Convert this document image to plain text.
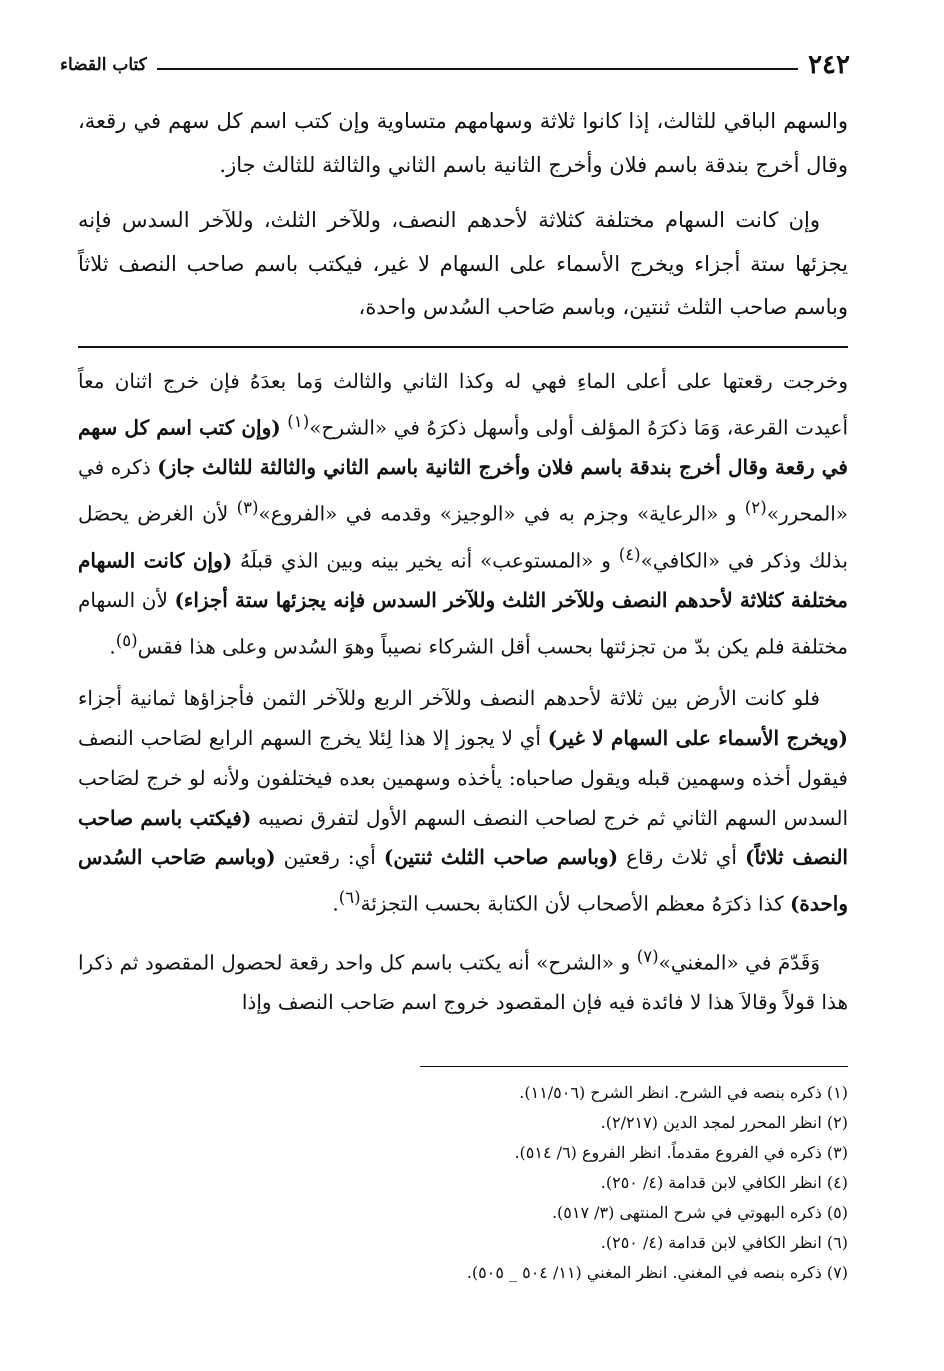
٢٤٢
كتاب القضاء

والسهم الباقي للثالث، إذا كانوا ثلاثة وسهامهم متساوية وإن كتب اسم كل سهم في رقعة، وقال أخرج بندقة باسم فلان وأخرج الثانية باسم الثاني والثالثة للثالث جاز.

وإن كانت السهام مختلفة كثلاثة لأحدهم النصف، وللآخر الثلث، وللآخر السدس فإنه يجزئها ستة أجزاء ويخرج الأسماء على السهام لا غير، فيكتب باسم صاحب النصف ثلاثاً وباسم صاحب الثلث ثنتين، وباسم صَاحب السُدس واحدة،

وخرجت رقعتها على أعلى الماءِ فهي له وكذا الثاني والثالث وَما بعدَهُ فإن خرج اثنان معاً أعيدت القرعة، وَمَا ذكرَهُ المؤلف أولى وأسهل ذكرَهُ في «الشرح»$^{(١)}$ (وإن كتب اسم كل سهم في رقعة وقال أخرج بندقة باسم فلان وأخرج الثانية باسم الثاني والثالثة للثالث جاز) ذكره في «المحرر»$^{(٢)}$ و «الرعاية» وجزم به في «الوجيز» وقدمه في «الفروع»$^{(٣)}$ لأن الغرض يحصَل بذلك وذكر في «الكافي»$^{(٤)}$ و «المستوعب» أنه يخير بينه وبين الذي قبلَهُ (وإن كانت السهام مختلفة كثلاثة لأحدهم النصف وللآخر الثلث وللآخر السدس فإنه يجزئها ستة أجزاء) لأن السهام مختلفة فلم يكن بدّ من تجزئتها بحسب أقل الشركاء نصيباً وهوَ السُدس وعلى هذا فقس$^{(٥)}$.

فلو كانت الأرض بين ثلاثة لأحدهم النصف وللآخر الربع وللآخر الثمن فأجزاؤها ثمانية أجزاء (ويخرج الأسماء على السهام لا غير) أي لا يجوز إلا هذا لِئلا يخرج السهم الرابع لصَاحب النصف فيقول أخذه وسهمين قبله ويقول صاحباه: يأخذه وسهمين بعده فيختلفون ولأنه لو خرج لصَاحب السدس السهم الثاني ثم خرج لصاحب النصف السهم الأول لتفرق نصيبه (فيكتب باسم صاحب النصف ثلاثاً) أي ثلاث رقاع (وباسم صاحب الثلث ثنتين) أي: رقعتين (وباسم صَاحب السُدس واحدة) كذا ذكرَهُ معظم الأصحاب لأن الكتابة بحسب التجزئة$^{(٦)}$.

وَقَدّمَ في «المغني»$^{(٧)}$ و «الشرح» أنه يكتب باسم كل واحد رقعة لحصول المقصود ثم ذكرا هذا قولاً وقالاَ هذا لا فائدة فيه فإن المقصود خروج اسم صَاحب النصف وإذا

(١) ذكره بنصه في الشرح. انظر الشرح (١١/٥٠٦).
(٢) انظر المحرر لمجد الدين (٢/٢١٧).
(٣) ذكره في الفروع مقدماً. انظر الفروع (٦/ ٥١٤).
(٤) انظر الكافي لابن قدامة (٤/ ٢٥٠).
(٥) ذكره البهوتي في شرح المنتهى (٣/ ٥١٧).
(٦) انظر الكافي لابن قدامة (٤/ ٢٥٠).
(٧) ذكره بنصه في المغني. انظر المغني (١١/ ٥٠٤ _ ٥٠٥).
